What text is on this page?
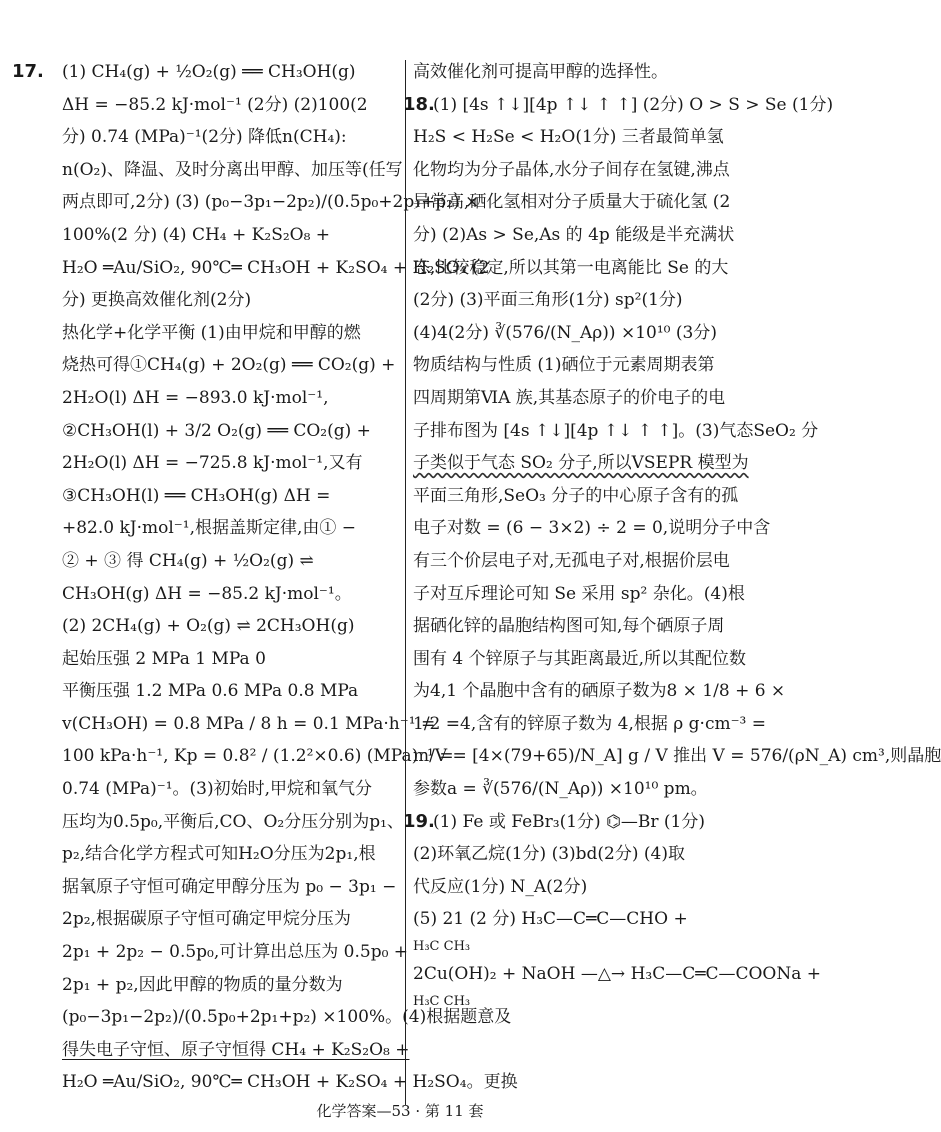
17. (1) CH₄(g) + ½O₂(g) ══ CH₃OH(g)
ΔH = −85.2 kJ·mol⁻¹ (2分) (2)100(2
分) 0.74 (MPa)⁻¹(2分) 降低n(CH₄):
n(O₂)、降温、及时分离出甲醇、加压等(任写
两点即可,2分) (3) (p₀−3p₁−2p₂)/(0.5p₀+2p₁+p₂) ×
100%(2 分) (4) CH₄ + K₂S₂O₈ +
H₂O ═Au/SiO₂, 90℃═ CH₃OH + K₂SO₄ + H₂SO₄ (2
分) 更换高效催化剂(2分)
热化学+化学平衡 (1)由甲烷和甲醇的燃
烧热可得①CH₄(g) + 2O₂(g) ══ CO₂(g) +
2H₂O(l) ΔH = −893.0 kJ·mol⁻¹,
②CH₃OH(l) + 3/2 O₂(g) ══ CO₂(g) +
2H₂O(l) ΔH = −725.8 kJ·mol⁻¹,又有
③CH₃OH(l) ══ CH₃OH(g) ΔH =
+82.0 kJ·mol⁻¹,根据盖斯定律,由① −
② + ③ 得 CH₄(g) + ½O₂(g) ⇌
CH₃OH(g) ΔH = −85.2 kJ·mol⁻¹。
(2) 2CH₄(g) + O₂(g) ⇌ 2CH₃OH(g)
起始压强 2 MPa 1 MPa 0
平衡压强 1.2 MPa 0.6 MPa 0.8 MPa
v(CH₃OH) = 0.8 MPa / 8 h = 0.1 MPa·h⁻¹ =
100 kPa·h⁻¹, Kp = 0.8² / (1.2²×0.6) (MPa)⁻¹ =
0.74 (MPa)⁻¹。(3)初始时,甲烷和氧气分
压均为0.5p₀,平衡后,CO、O₂分压分别为p₁、
p₂,结合化学方程式可知H₂O分压为2p₁,根
据氧原子守恒可确定甲醇分压为 p₀ − 3p₁ −
2p₂,根据碳原子守恒可确定甲烷分压为
2p₁ + 2p₂ − 0.5p₀,可计算出总压为 0.5p₀ +
2p₁ + p₂,因此甲醇的物质的量分数为
(p₀−3p₁−2p₂)/(0.5p₀+2p₁+p₂) ×100%。(4)根据题意及
得失电子守恒、原子守恒得 CH₄ + K₂S₂O₈ +
H₂O ═Au/SiO₂, 90℃═ CH₃OH + K₂SO₄ + H₂SO₄。更换
高效催化剂可提高甲醇的选择性。
18.
(1) [4s ↑↓][4p ↑↓ ↑ ↑] (2分) O > S > Se (1分)
H₂S < H₂Se < H₂O(1分) 三者最简单氢
化物均为分子晶体,水分子间存在氢键,沸点
异常高,硒化氢相对分子质量大于硫化氢 (2
分) (2)As > Se,As 的 4p 能级是半充满状
态,比较稳定,所以其第一电离能比 Se 的大
(2分) (3)平面三角形(1分) sp²(1分)
(4)4(2分) ∛(576/(N_Aρ)) ×10¹⁰ (3分)
物质结构与性质 (1)硒位于元素周期表第
四周期第ⅥA 族,其基态原子的价电子的电
子排布图为 [4s ↑↓][4p ↑↓ ↑ ↑]。(3)气态SeO₂ 分
子类似于气态 SO₂ 分子,所以VSEPR 模型为
平面三角形,SeO₃ 分子的中心原子含有的孤
电子对数 = (6 − 3×2) ÷ 2 = 0,说明分子中含
有三个价层电子对,无孤电子对,根据价层电
子对互斥理论可知 Se 采用 sp² 杂化。(4)根
据硒化锌的晶胞结构图可知,每个硒原子周
围有 4 个锌原子与其距离最近,所以其配位数
为4,1 个晶胞中含有的硒原子数为8 × 1/8 + 6 ×
1/2 =4,含有的锌原子数为 4,根据 ρ g·cm⁻³ =
m/V = [4×(79+65)/N_A] g / V 推出 V = 576/(ρN_A) cm³,则晶胞
参数a = ∛(576/(N_Aρ)) ×10¹⁰ pm。
19.
(1) Fe 或 FeBr₃(1分) ⌬—Br (1分)
(2)环氧乙烷(1分) (3)bd(2分) (4)取
代反应(1分) N_A(2分)
(5) 21 (2 分) H₃C—C═C—CHO +
H₃C CH₃
2Cu(OH)₂ + NaOH —△→ H₃C—C═C—COONa +
H₃C CH₃
化学答案—53 · 第 11 套
